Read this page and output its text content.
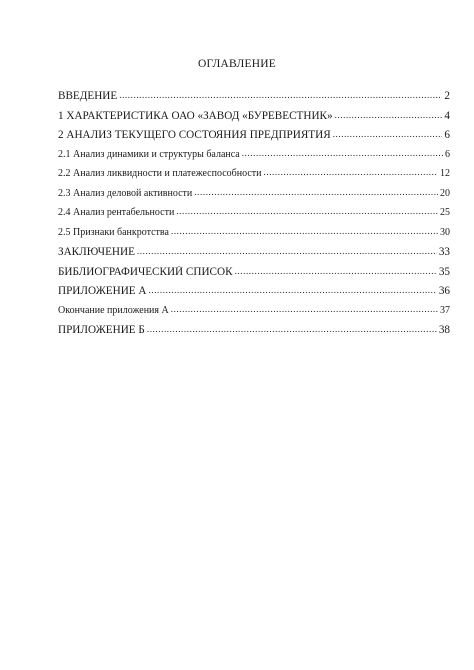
ОГЛАВЛЕНИЕ
ВВЕДЕНИЕ .....	2
1 ХАРАКТЕРИСТИКА ОАО «ЗАВОД «БУРЕВЕСТНИК» .....	4
2 АНАЛИЗ ТЕКУЩЕГО СОСТОЯНИЯ ПРЕДПРИЯТИЯ .....	6
2.1 Анализ динамики и структуры баланса .....	6
2.2 Анализ ликвидности и платежеспособности .....	12
2.3 Анализ деловой активности .....	20
2.4 Анализ рентабельности .....	25
2.5 Признаки банкротства .....	30
ЗАКЛЮЧЕНИЕ .....	33
БИБЛИОГРАФИЧЕСКИЙ СПИСОК .....	35
ПРИЛОЖЕНИЕ А .....	36
Окончание приложения А .....	37
ПРИЛОЖЕНИЕ Б .....	38
